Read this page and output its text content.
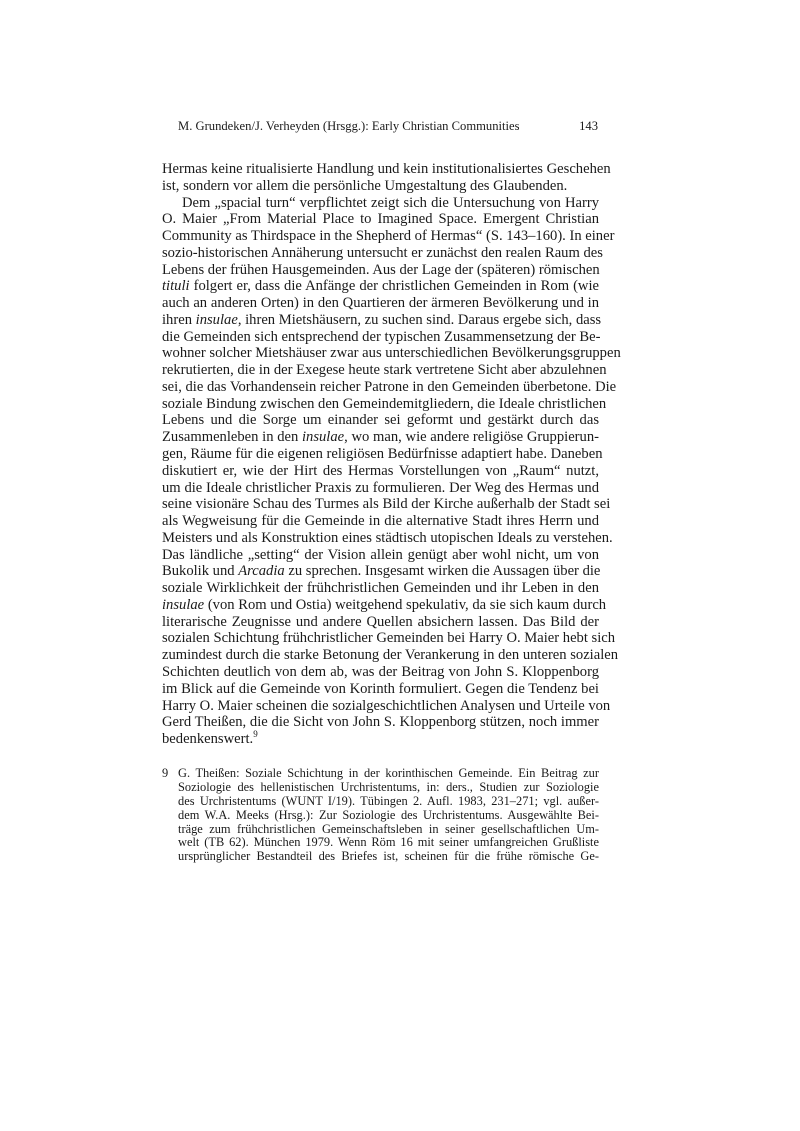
M. Grundeken/J. Verheyden (Hrsgg.): Early Christian Communities	143
Hermas keine ritualisierte Handlung und kein institutionalisiertes Geschehen
ist, sondern vor allem die persönliche Umgestaltung des Glaubenden.
Dem „spacial turn“ verpflichtet zeigt sich die Untersuchung von Harry
O. Maier „From Material Place to Imagined Space. Emergent Christian
Community as Thirdspace in the Shepherd of Hermas“ (S. 143–160). In einer
sozio-historischen Annäherung untersucht er zunächst den realen Raum des
Lebens der frühen Hausgemeinden. Aus der Lage der (späteren) römischen
tituli folgert er, dass die Anfänge der christlichen Gemeinden in Rom (wie
auch an anderen Orten) in den Quartieren der ärmeren Bevölkerung und in
ihren insulae, ihren Mietshäusern, zu suchen sind. Daraus ergebe sich, dass
die Gemeinden sich entsprechend der typischen Zusammensetzung der Be-
wohner solcher Mietshäuser zwar aus unterschiedlichen Bevölkerungsgruppen
rekrutierten, die in der Exegese heute stark vertretene Sicht aber abzulehnen
sei, die das Vorhandensein reicher Patrone in den Gemeinden überbetone. Die
soziale Bindung zwischen den Gemeindemitgliedern, die Ideale christlichen
Lebens und die Sorge um einander sei geformt und gestärkt durch das
Zusammenleben in den insulae, wo man, wie andere religiöse Gruppierun-
gen, Räume für die eigenen religiösen Bedürfnisse adaptiert habe. Daneben
diskutiert er, wie der Hirt des Hermas Vorstellungen von „Raum“ nutzt,
um die Ideale christlicher Praxis zu formulieren. Der Weg des Hermas und
seine visionäre Schau des Turmes als Bild der Kirche außerhalb der Stadt sei
als Wegweisung für die Gemeinde in die alternative Stadt ihres Herrn und
Meisters und als Konstruktion eines städtisch utopischen Ideals zu verstehen.
Das ländliche „setting“ der Vision allein genügt aber wohl nicht, um von
Bukolik und Arcadia zu sprechen. Insgesamt wirken die Aussagen über die
soziale Wirklichkeit der frühchristlichen Gemeinden und ihr Leben in den
insulae (von Rom und Ostia) weitgehend spekulativ, da sie sich kaum durch
literarische Zeugnisse und andere Quellen absichern lassen. Das Bild der
sozialen Schichtung frühchristlicher Gemeinden bei Harry O. Maier hebt sich
zumindest durch die starke Betonung der Verankerung in den unteren sozialen
Schichten deutlich von dem ab, was der Beitrag von John S. Kloppenborg
im Blick auf die Gemeinde von Korinth formuliert. Gegen die Tendenz bei
Harry O. Maier scheinen die sozialgeschichtlichen Analysen und Urteile von
Gerd Theißen, die die Sicht von John S. Kloppenborg stützen, noch immer
bedenkenswert.$^9$
9 G. Theißen: Soziale Schichtung in der korinthischen Gemeinde. Ein Beitrag zur
Soziologie des hellenistischen Urchristentums, in: ders., Studien zur Soziologie
des Urchristentums (WUNT I/19). Tübingen 2. Aufl. 1983, 231–271; vgl. außer-
dem W.A. Meeks (Hrsg.): Zur Soziologie des Urchristentums. Ausgewählte Bei-
träge zum frühchristlichen Gemeinschaftsleben in seiner gesellschaftlichen Um-
welt (TB 62). München 1979. Wenn Röm 16 mit seiner umfangreichen Grußliste
ursprünglicher Bestandteil des Briefes ist, scheinen für die frühe römische Ge-
